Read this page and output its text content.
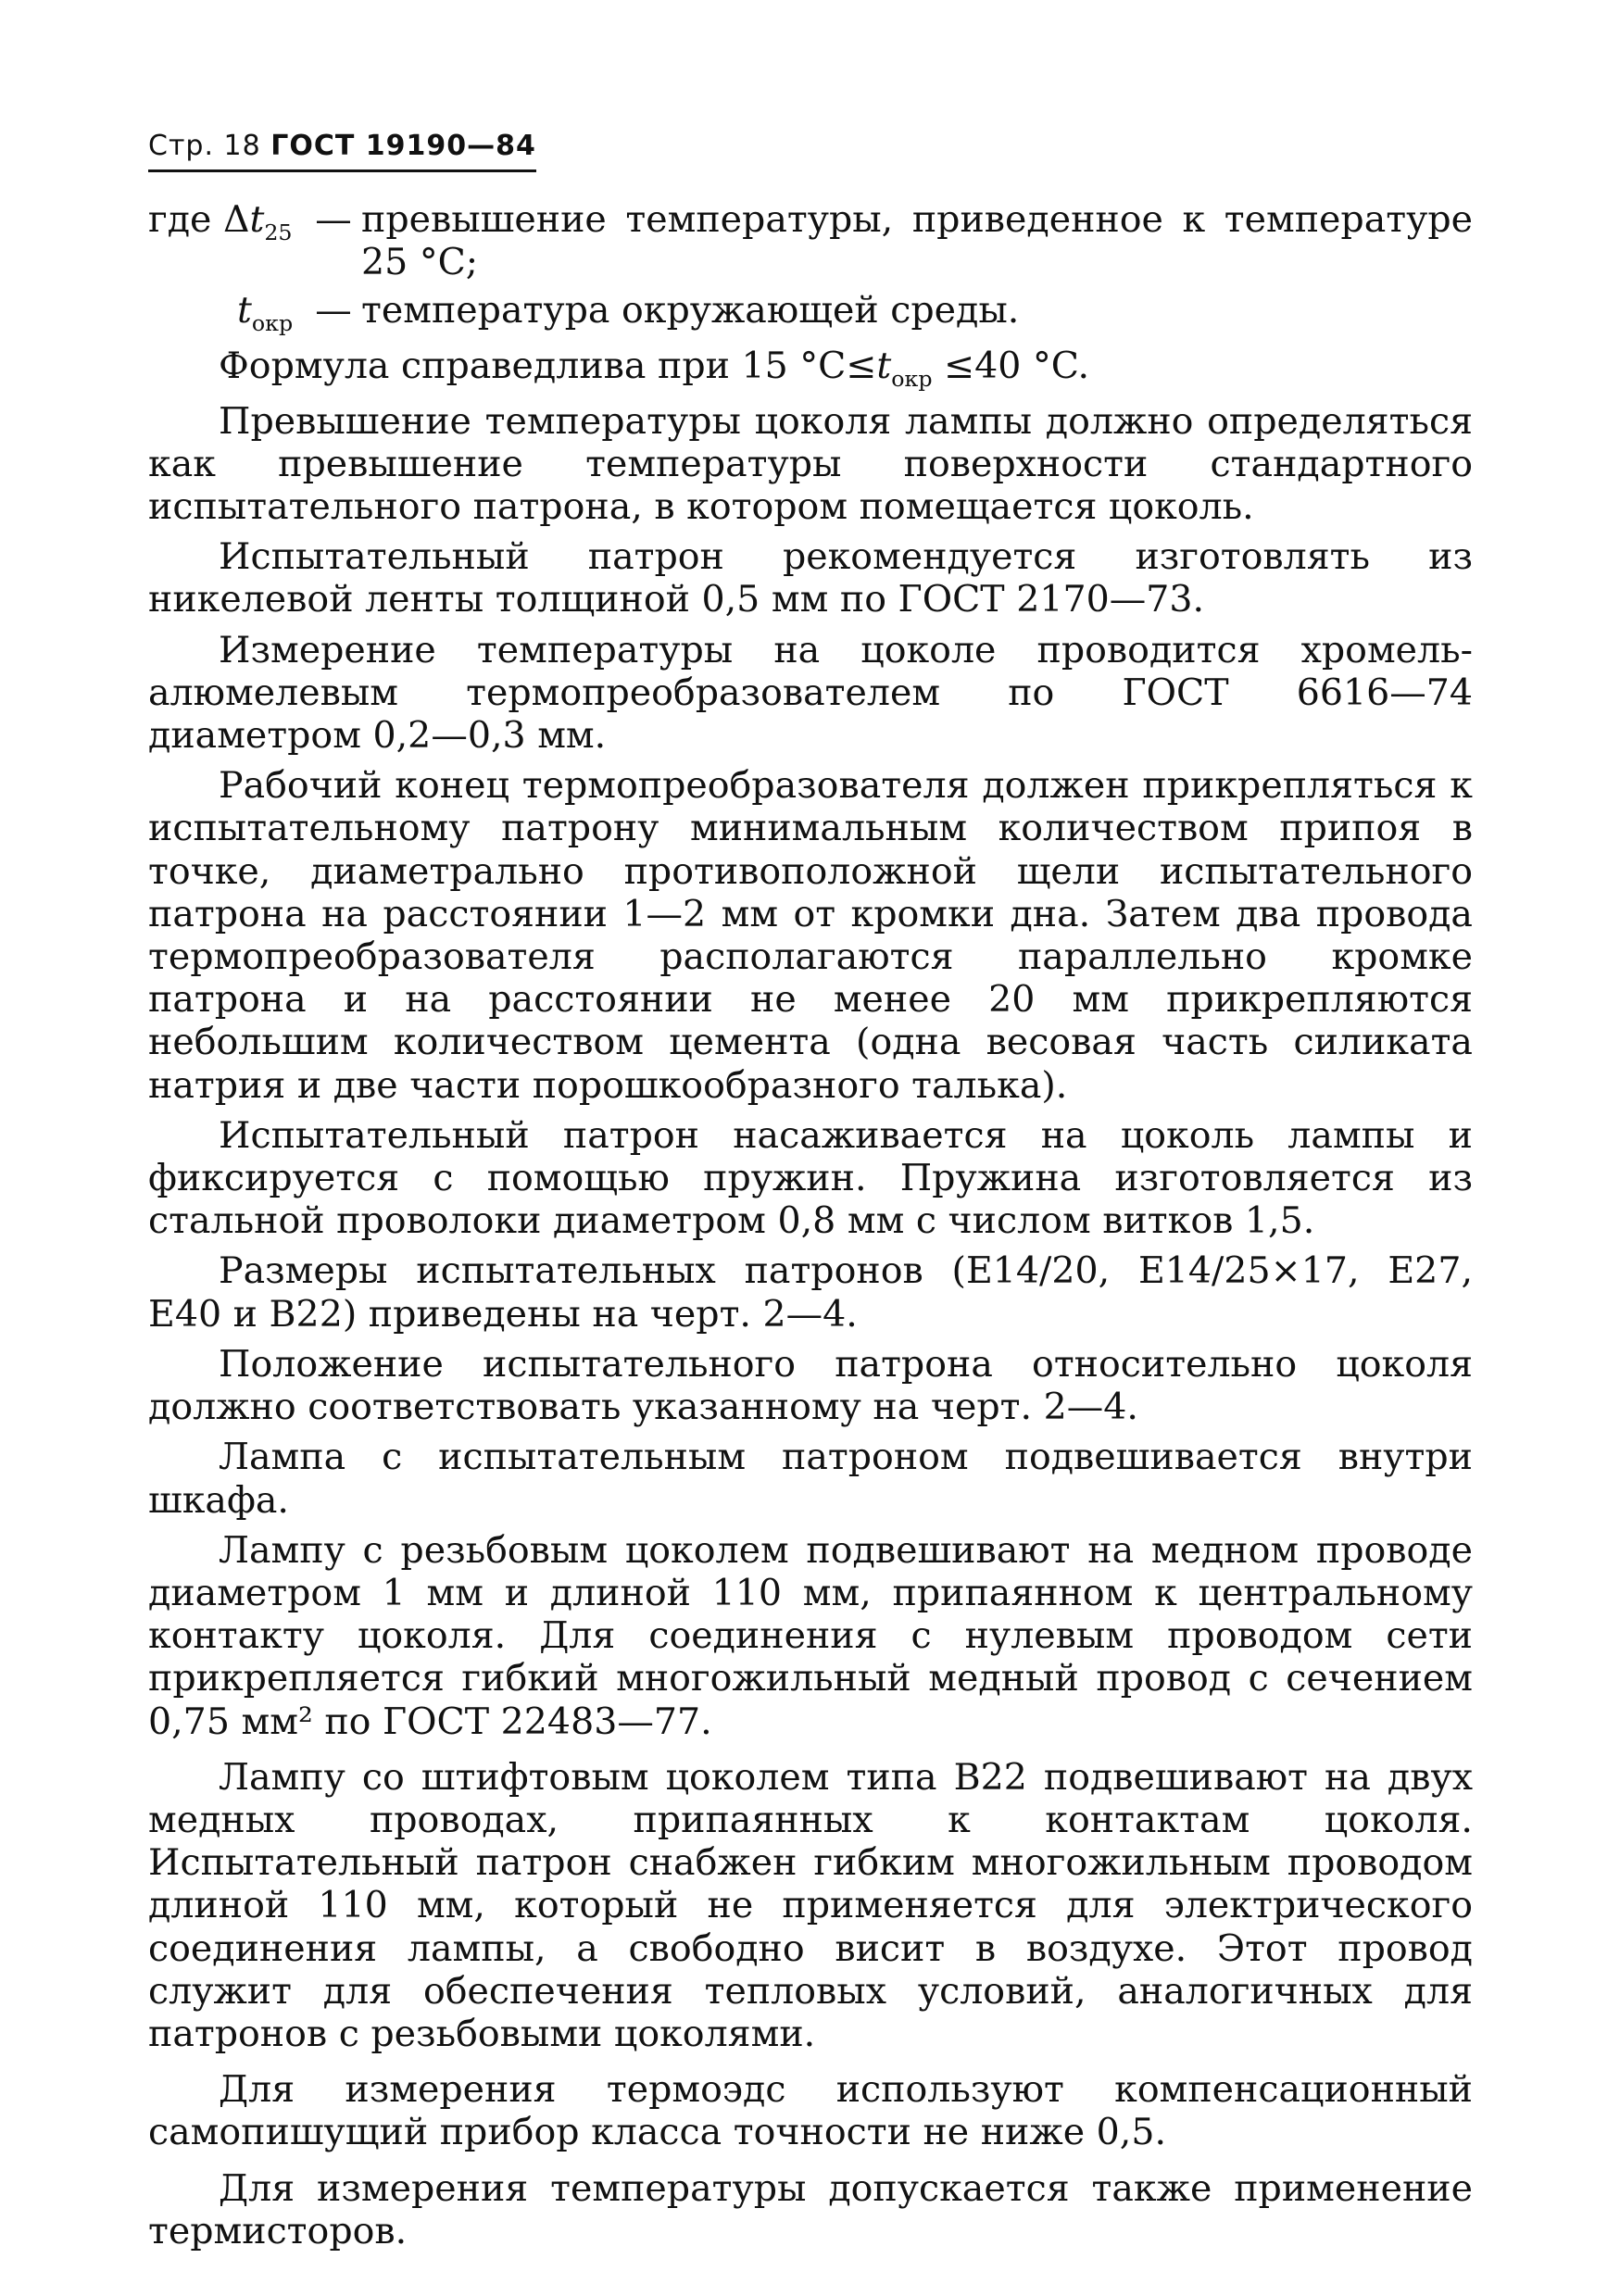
Стр. 18 ГОСТ 19190—84
где $\Delta t_{25}$ — превышение температуры, приведенное к температуре 25 °C;
$t_{окр}$ — температура окружающей среды.

Формула справедлива при 15 $^\circ C\le t_{окр} \le 40$ °C.

Превышение температуры цоколя лампы должно определяться как превышение температуры поверхности стандартного испытательного патрона, в котором помещается цоколь.

Испытательный патрон рекомендуется изготовлять из никелевой ленты толщиной 0,5 мм по ГОСТ 2170—73.

Измерение температуры на цоколе проводится хромель-алюмелевым термопреобразователем по ГОСТ 6616—74 диаметром 0,2—0,3 мм.

Рабочий конец термопреобразователя должен прикрепляться к испытательному патрону минимальным количеством припоя в точке, диаметрально противоположной щели испытательного патрона на расстоянии 1—2 мм от кромки дна. Затем два провода термопреобразователя располагаются параллельно кромке патрона и на расстоянии не менее 20 мм прикрепляются небольшим количеством цемента (одна весовая часть силиката натрия и две части порошкообразного талька).

Испытательный патрон насаживается на цоколь лампы и фиксируется с помощью пружин. Пружина изготовляется из стальной проволоки диаметром 0,8 мм с числом витков 1,5.

Размеры испытательных патронов (E14/20, E14/25×17, E27, E40 и B22) приведены на черт. 2—4.

Положение испытательного патрона относительно цоколя должно соответствовать указанному на черт. 2—4.

Лампа с испытательным патроном подвешивается внутри шкафа.

Лампу с резьбовым цоколем подвешивают на медном проводе диаметром 1 мм и длиной 110 мм, припаянном к центральному контакту цоколя. Для соединения с нулевым проводом сети прикрепляется гибкий многожильный медный провод с сечением 0,75 мм² по ГОСТ 22483—77.

Лампу со штифтовым цоколем типа B22 подвешивают на двух медных проводах, припаянных к контактам цоколя. Испытательный патрон снабжен гибким многожильным проводом длиной 110 мм, который не применяется для электрического соединения лампы, а свободно висит в воздухе. Этот провод служит для обеспечения тепловых условий, аналогичных для патронов с резьбовыми цоколями.

Для измерения термоэдс используют компенсационный самопишущий прибор класса точности не ниже 0,5.

Для измерения температуры допускается также применение термисторов.
